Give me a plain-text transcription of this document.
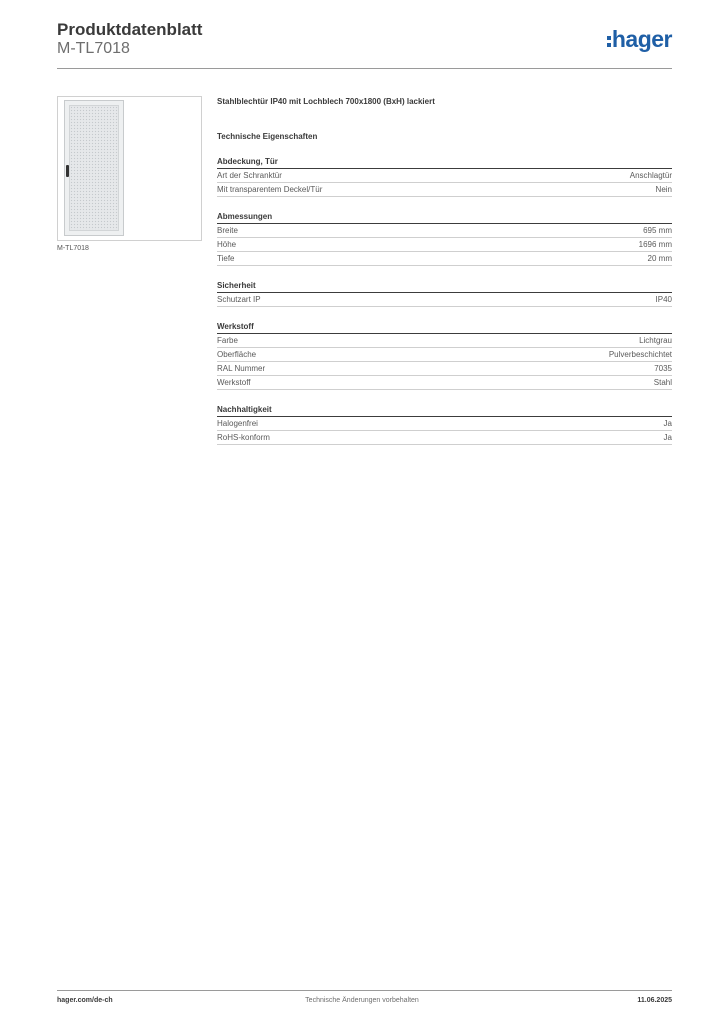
Produktdatenblatt
M-TL7018	hager
M-TL7018
Stahlblechtür IP40 mit Lochblech 700x1800 (BxH) lackiert
Technische Eigenschaften
Abdeckung, Tür
Art der Schranktür	Anschlagtür
Mit transparentem Deckel/Tür	Nein
Abmessungen
Breite	695 mm
Höhe	1696 mm
Tiefe	20 mm
Sicherheit
Schutzart IP	IP40
Werkstoff
Farbe	Lichtgrau
Oberfläche	Pulverbeschichtet
RAL Nummer	7035
Werkstoff	Stahl
Nachhaltigkeit
Halogenfrei	Ja
RoHS-konform	Ja
hager.com/de-ch	Technische Änderungen vorbehalten	11.06.2025
